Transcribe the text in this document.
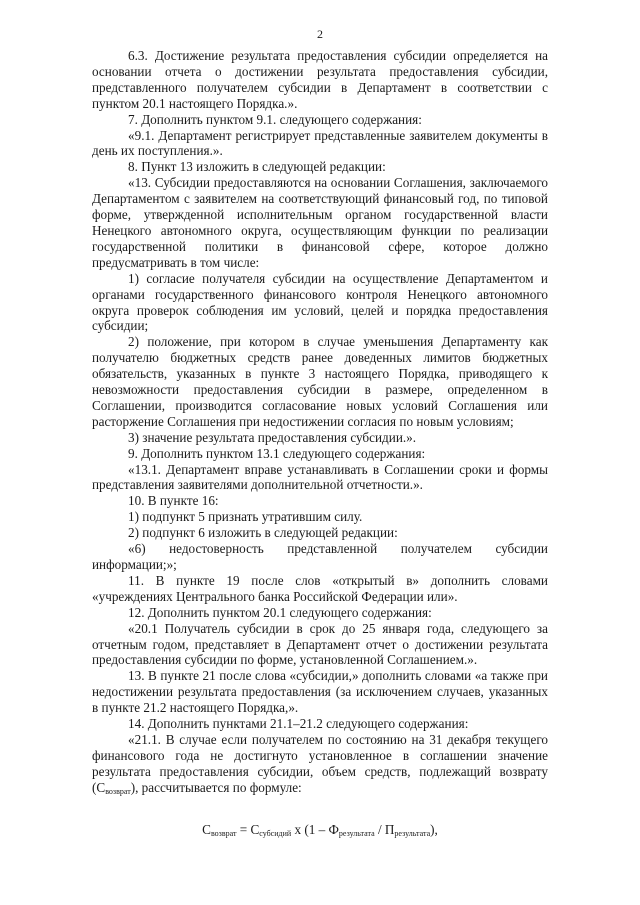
2

6.3. Достижение результата предоставления субсидии определяется на основании отчета о достижении результата предоставления субсидии, представленного получателем субсидии в Департамент в соответствии с пунктом 20.1 настоящего Порядка.».

7. Дополнить пунктом 9.1. следующего содержания:

«9.1. Департамент регистрирует представленные заявителем документы в день их поступления.».

8. Пункт 13 изложить в следующей редакции:

«13. Субсидии предоставляются на основании Соглашения, заключаемого Департаментом с заявителем на соответствующий финансовый год, по типовой форме, утвержденной исполнительным органом государственной власти Ненецкого автономного округа, осуществляющим функции по реализации государственной политики в финансовой сфере, которое должно предусматривать в том числе:

1) согласие получателя субсидии на осуществление Департаментом и органами государственного финансового контроля Ненецкого автономного округа проверок соблюдения им условий, целей и порядка предоставления субсидии;

2) положение, при котором в случае уменьшения Департаменту как получателю бюджетных средств ранее доведенных лимитов бюджетных обязательств, указанных в пункте 3 настоящего Порядка, приводящего к невозможности предоставления субсидии в размере, определенном в Соглашении, производится согласование новых условий Соглашения или расторжение Соглашения при недостижении согласия по новым условиям;

3) значение результата предоставления субсидии.».

9. Дополнить пунктом 13.1 следующего содержания:

«13.1. Департамент вправе устанавливать в Соглашении сроки и формы представления заявителями дополнительной отчетности.».

10. В пункте 16:

1) подпункт 5 признать утратившим силу.

2) подпункт 6 изложить в следующей редакции:

«6) недостоверность представленной получателем субсидии информации;»;

11. В пункте 19 после слов «открытый в» дополнить словами «учреждениях Центрального банка Российской Федерации или».

12. Дополнить пунктом 20.1 следующего содержания:

«20.1 Получатель субсидии в срок до 25 января года, следующего за отчетным годом, представляет в Департамент отчет о достижении результата предоставления субсидии по форме, установленной Соглашением.».

13. В пункте 21 после слова «субсидии,» дополнить словами «а также при недостижении результата предоставления (за исключением случаев, указанных в пункте 21.2 настоящего Порядка,».

14. Дополнить пунктами 21.1–21.2 следующего содержания:

«21.1. В случае если получателем по состоянию на 31 декабря текущего финансового года не достигнуто установленное в соглашении значение результата предоставления субсидии, объем средств, подлежащий возврату $(С_{возврат})$, рассчитывается по формуле:

$С_{возврат} = С_{субсидий}$ х $(1 - Ф_{результата} / П_{результата})$,
